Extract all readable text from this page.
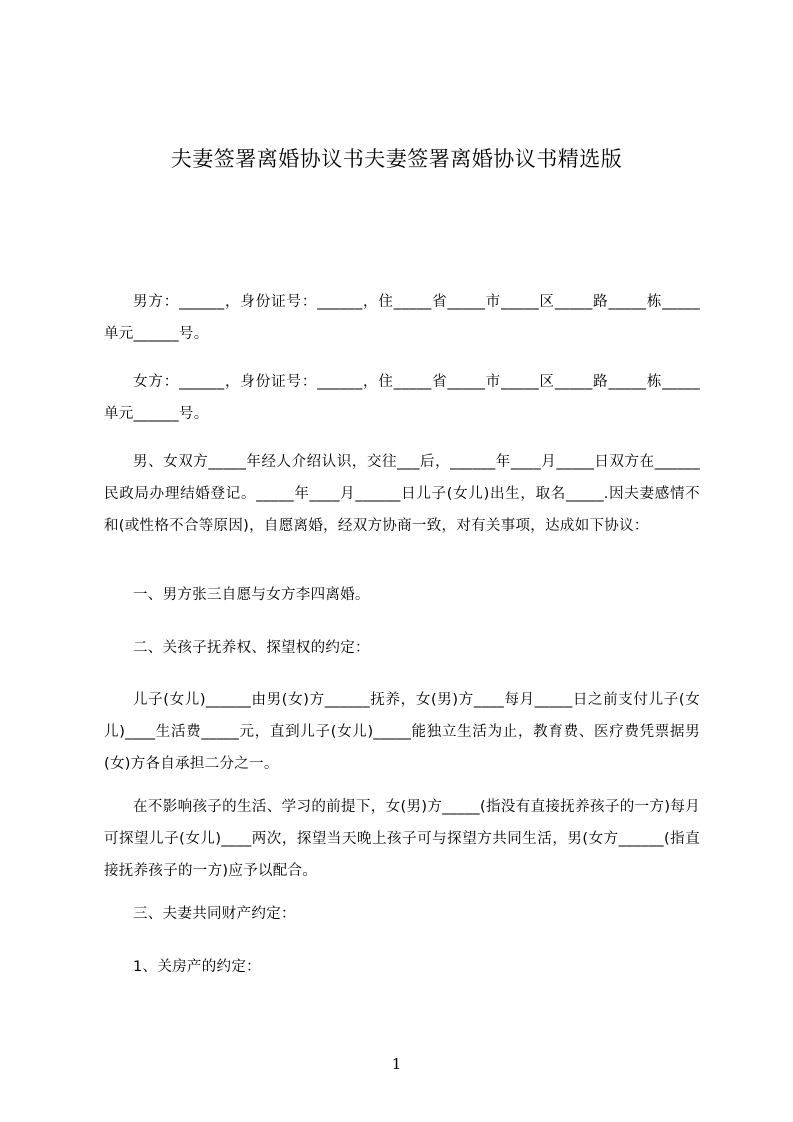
夫妻签署离婚协议书夫妻签署离婚协议书精选版

男方：______，身份证号：______，住_____省_____市_____区_____路_____栋_____单元______号。

女方：______，身份证号：______，住_____省_____市_____区_____路_____栋_____单元______号。

男、女双方_____年经人介绍认识，交往___后，______年____月_____日双方在______民政局办理结婚登记。_____年____月______日儿子(女儿)出生，取名_____.因夫妻感情不和(或性格不合等原因)，自愿离婚，经双方协商一致，对有关事项，达成如下协议：

一、男方张三自愿与女方李四离婚。

二、关孩子抚养权、探望权的约定：

儿子(女儿)______由男(女)方______抚养，女(男)方____每月_____日之前支付儿子(女儿)____生活费_____元，直到儿子(女儿)_____能独立生活为止，教育费、医疗费凭票据男(女)方各自承担二分之一。

在不影响孩子的生活、学习的前提下，女(男)方_____(指没有直接抚养孩子的一方)每月可探望儿子(女儿)____两次，探望当天晚上孩子可与探望方共同生活，男(女方______(指直接抚养孩子的一方)应予以配合。

三、夫妻共同财产约定：

1、关房产的约定：

1
